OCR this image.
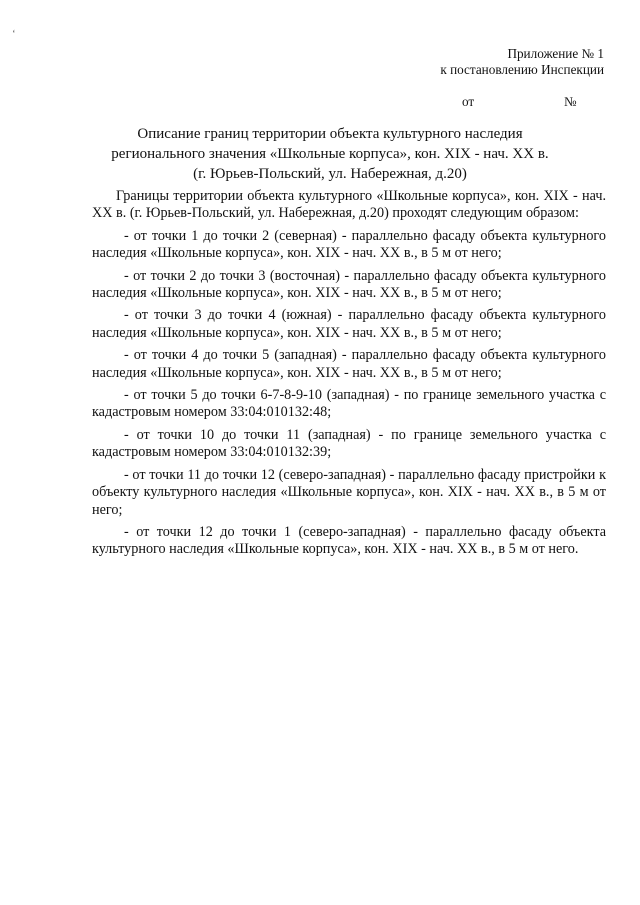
‘
Приложение № 1
к постановлению Инспекции
от	№
Описание границ территории объекта культурного наследия
регионального значения «Школьные корпуса», кон. XIX - нач. XX в.
(г. Юрьев-Польский, ул. Набережная, д.20)

Границы территории объекта культурного «Школьные корпуса», кон. XIX - нач. XX в. (г. Юрьев-Польский, ул. Набережная, д.20) проходят следующим образом:

- от точки 1 до точки 2 (северная) - параллельно фасаду объекта культурного наследия «Школьные корпуса», кон. XIX - нач. XX в., в 5 м от него;

- от точки 2 до точки 3 (восточная) - параллельно фасаду объекта культурного наследия «Школьные корпуса», кон. XIX - нач. XX в., в 5 м от него;

- от точки 3 до точки 4 (южная) - параллельно фасаду объекта культурного наследия «Школьные корпуса», кон. XIX - нач. XX в., в 5 м от него;

- от точки 4 до точки 5 (западная) - параллельно фасаду объекта культурного наследия «Школьные корпуса», кон. XIX - нач. XX в., в 5 м от него;

- от точки 5 до точки 6-7-8-9-10 (западная) - по границе земельного участка с кадастровым номером 33:04:010132:48;

- от точки 10 до точки 11 (западная) - по границе земельного участка с кадастровым номером 33:04:010132:39;

- от точки 11 до точки 12 (северо-западная) - параллельно фасаду пристройки к объекту культурного наследия «Школьные корпуса», кон. XIX - нач. XX в., в 5 м от него;

- от точки 12 до точки 1 (северо-западная) - параллельно фасаду объекта культурного наследия «Школьные корпуса», кон. XIX - нач. XX в., в 5 м от него.
